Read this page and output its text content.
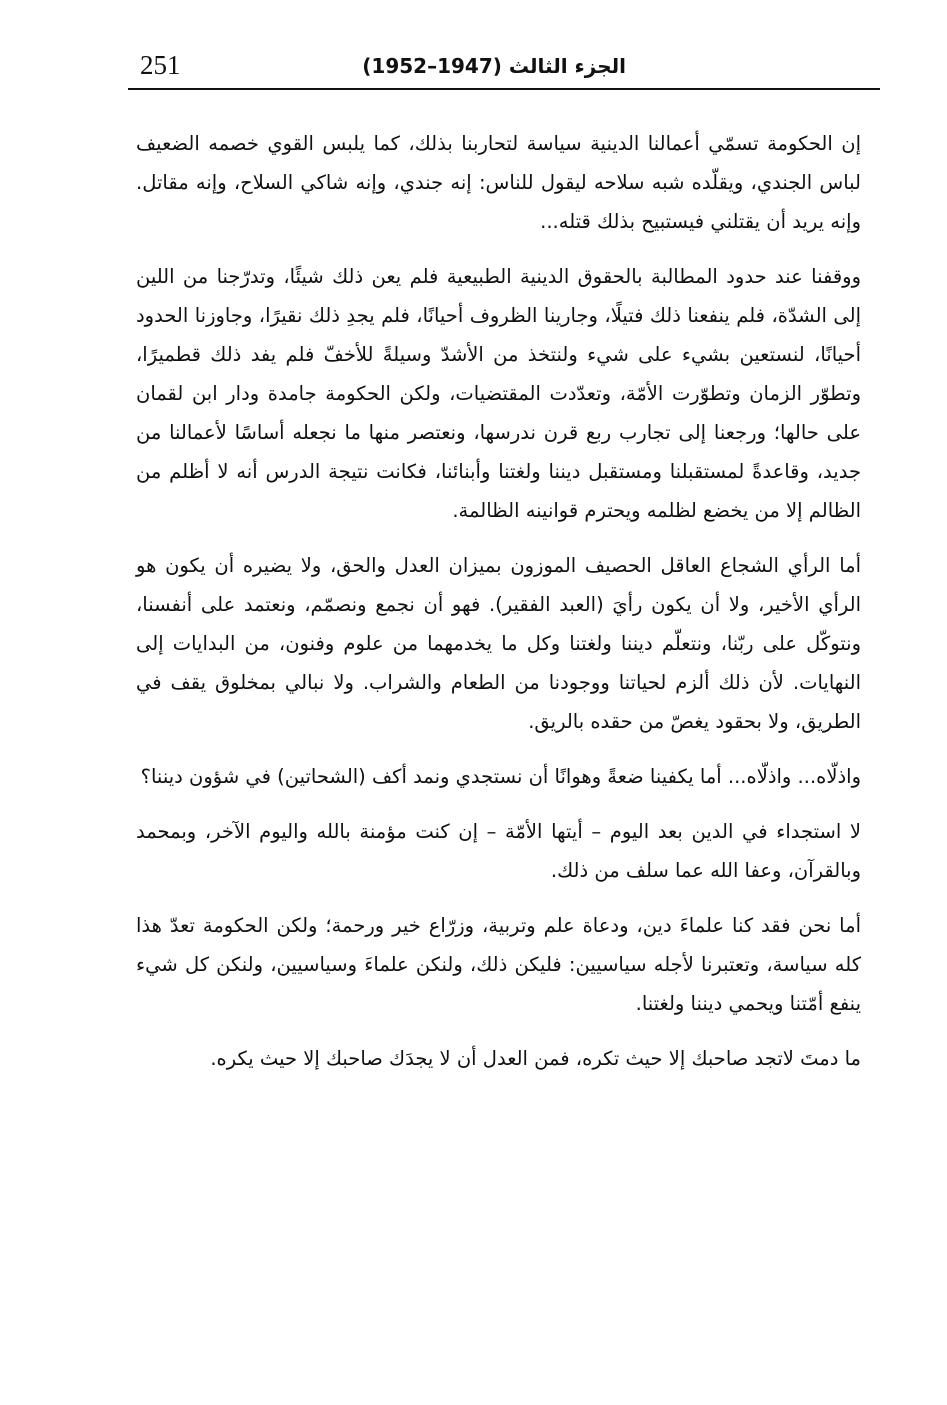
251	الجزء الثالث (1947–1952)

إن الحكومة تسمّي أعمالنا الدينية سياسة لتحاربنا بذلك، كما يلبس القوي خصمه الضعيف لباس الجندي، ويقلّده شبه سلاحه ليقول للناس: إنه جندي، وإنه شاكي السلاح، وإنه مقاتل. وإنه يريد أن يقتلني فيستبيح بذلك قتله...

ووقفنا عند حدود المطالبة بالحقوق الدينية الطبيعية فلم يعن ذلك شيئًا، وتدرّجنا من اللين إلى الشدّة، فلم ينفعنا ذلك فتيلًا، وجارينا الظروف أحيانًا، فلم يجدِ ذلك نقيرًا، وجاوزنا الحدود أحيانًا، لنستعين بشيء على شيء ولنتخذ من الأشدّ وسيلةً للأخفّ فلم يفد ذلك قطميرًا، وتطوّر الزمان وتطوّرت الأمّة، وتعدّدت المقتضيات، ولكن الحكومة جامدة ودار ابن لقمان على حالها؛ ورجعنا إلى تجارب ربع قرن ندرسها، ونعتصر منها ما نجعله أساسًا لأعمالنا من جديد، وقاعدةً لمستقبلنا ومستقبل ديننا ولغتنا وأبنائنا، فكانت نتيجة الدرس أنه لا أظلم من الظالم إلا من يخضع لظلمه ويحترم قوانينه الظالمة.

أما الرأي الشجاع العاقل الحصيف الموزون بميزان العدل والحق، ولا يضيره أن يكون هو الرأي الأخير، ولا أن يكون رأيَ (العبد الفقير). فهو أن نجمع ونصمّم، ونعتمد على أنفسنا، ونتوكّل على ربّنا، ونتعلّم ديننا ولغتنا وكل ما يخدمهما من علوم وفنون، من البدايات إلى النهايات. لأن ذلك ألزم لحياتنا ووجودنا من الطعام والشراب. ولا نبالي بمخلوق يقف في الطريق، ولا بحقود يغصّ من حقده بالريق.

واذلّاه... واذلّاه... أما يكفينا ضعةً وهوانًا أن نستجدي ونمد أكف (الشحاتين) في شؤون ديننا؟

لا استجداء في الدين بعد اليوم – أيتها الأمّة – إن كنت مؤمنة بالله واليوم الآخر، وبمحمد وبالقرآن، وعفا الله عما سلف من ذلك.

أما نحن فقد كنا علماءَ دين، ودعاة علم وتربية، وزرّاع خير ورحمة؛ ولكن الحكومة تعدّ هذا كله سياسة، وتعتبرنا لأجله سياسيين: فليكن ذلك، ولنكن علماءَ وسياسيين، ولنكن كل شيء ينفع أمّتنا ويحمي ديننا ولغتنا.

ما دمتَ لاتجد صاحبك إلا حيث تكره، فمن العدل أن لا يجدَك صاحبك إلا حيث يكره.
